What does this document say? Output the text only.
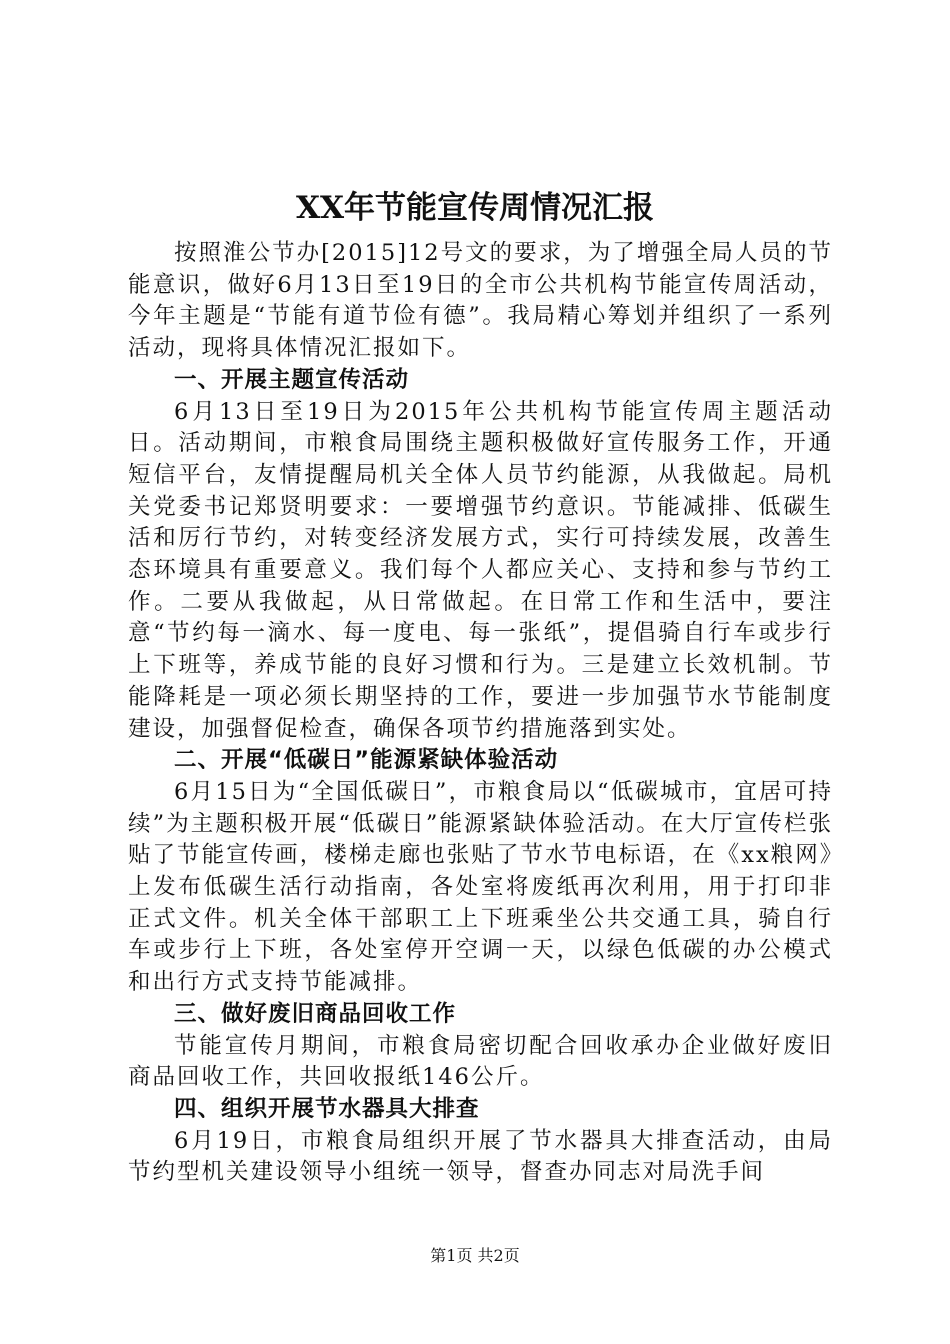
XX年节能宣传周情况汇报

按照淮公节办[2015]12号文的要求，为了增强全局人员的节能意识，做好6月13日至19日的全市公共机构节能宣传周活动，今年主题是“节能有道节俭有德”。我局精心筹划并组织了一系列活动，现将具体情况汇报如下。

一、开展主题宣传活动

6月13日至19日为2015年公共机构节能宣传周主题活动日。活动期间，市粮食局围绕主题积极做好宣传服务工作，开通短信平台，友情提醒局机关全体人员节约能源，从我做起。局机关党委书记郑贤明要求：一要增强节约意识。节能减排、低碳生活和厉行节约，对转变经济发展方式，实行可持续发展，改善生态环境具有重要意义。我们每个人都应关心、支持和参与节约工作。二要从我做起，从日常做起。在日常工作和生活中，要注意“节约每一滴水、每一度电、每一张纸”，提倡骑自行车或步行上下班等，养成节能的良好习惯和行为。三是建立长效机制。节能降耗是一项必须长期坚持的工作，要进一步加强节水节能制度建设，加强督促检查，确保各项节约措施落到实处。

二、开展“低碳日”能源紧缺体验活动

6月15日为“全国低碳日”，市粮食局以“低碳城市，宜居可持续”为主题积极开展“低碳日”能源紧缺体验活动。在大厅宣传栏张贴了节能宣传画，楼梯走廊也张贴了节水节电标语，在《xx粮网》上发布低碳生活行动指南，各处室将废纸再次利用，用于打印非正式文件。机关全体干部职工上下班乘坐公共交通工具，骑自行车或步行上下班，各处室停开空调一天，以绿色低碳的办公模式和出行方式支持节能减排。

三、做好废旧商品回收工作

节能宣传月期间，市粮食局密切配合回收承办企业做好废旧商品回收工作，共回收报纸146公斤。

四、组织开展节水器具大排查

6月19日，市粮食局组织开展了节水器具大排查活动，由局节约型机关建设领导小组统一领导，督查办同志对局洗手间

第1页 共2页
